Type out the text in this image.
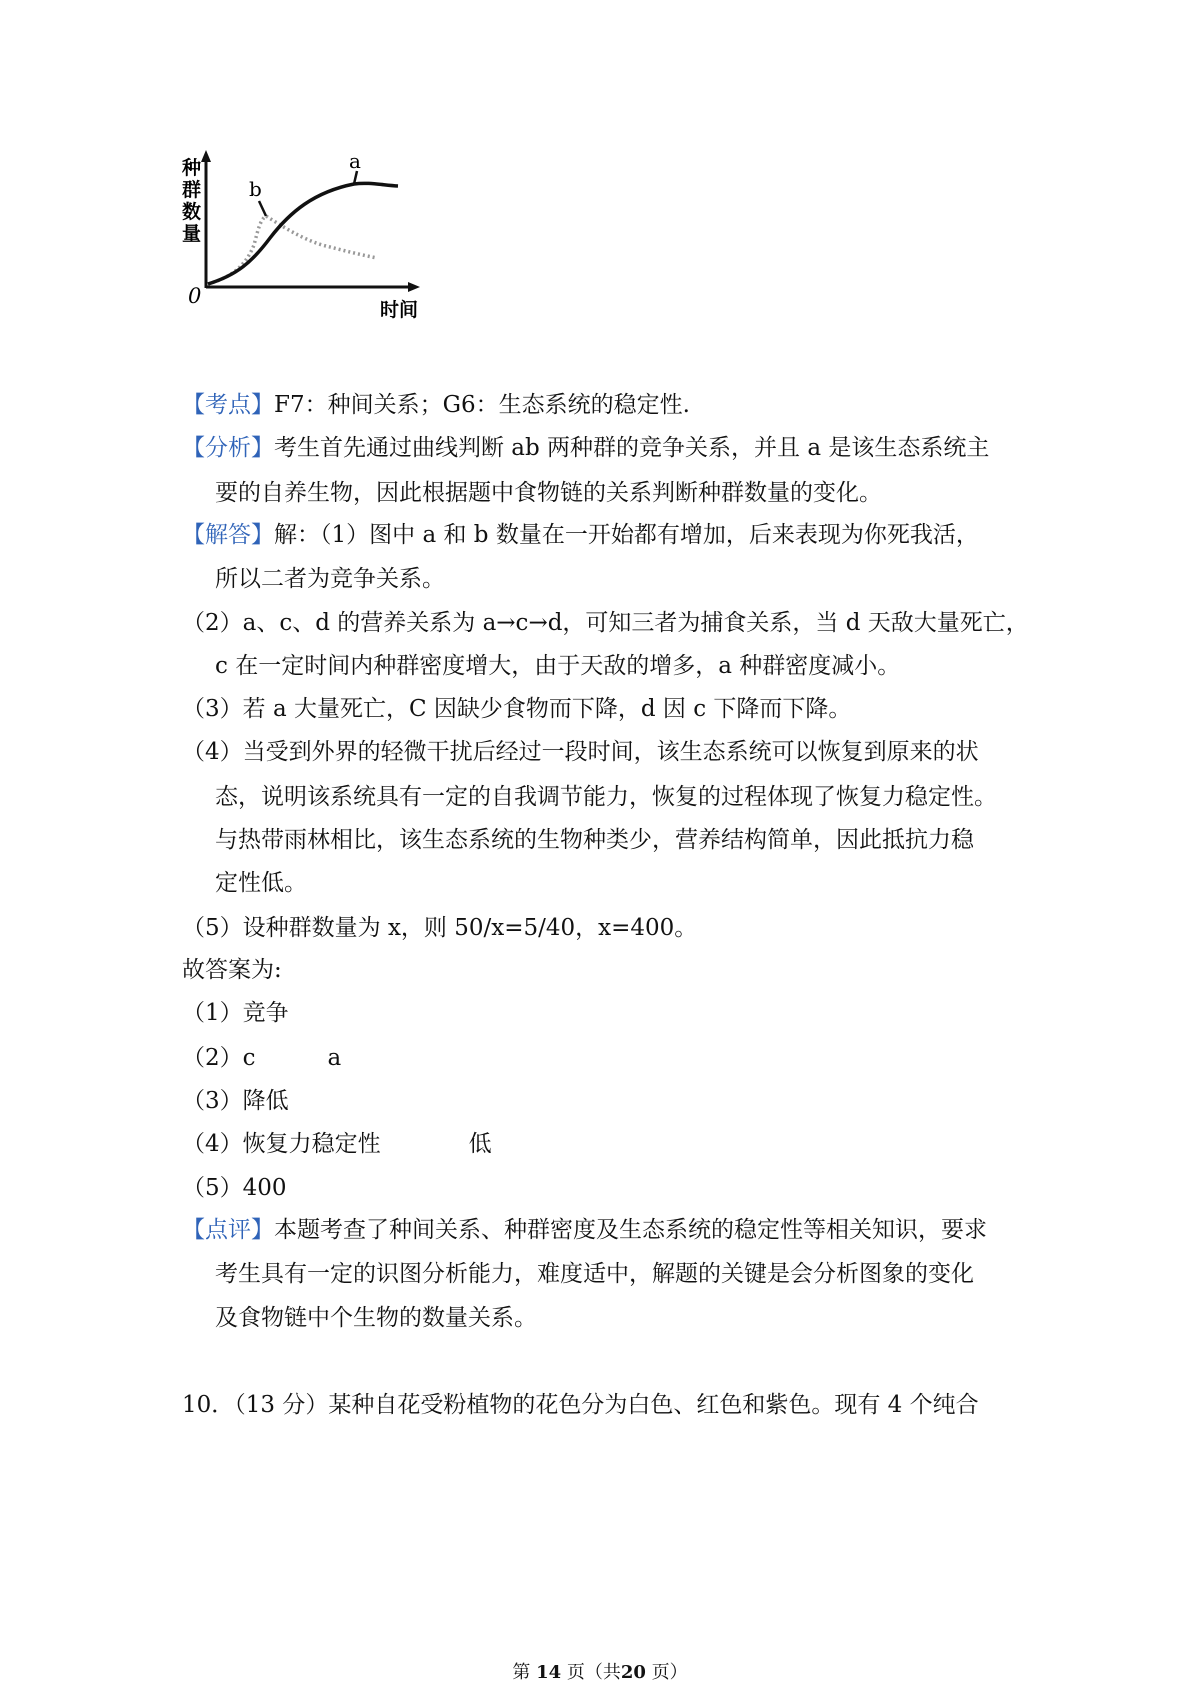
种
群
数
量
0
时间
a
b
【考点】F7：种间关系；G6：生态系统的稳定性.
【分析】考生首先通过曲线判断 ab 两种群的竞争关系，并且 a 是该生态系统主
要的自养生物，因此根据题中食物链的关系判断种群数量的变化。
【解答】解：（1）图中 a 和 b 数量在一开始都有增加，后来表现为你死我活，
所以二者为竞争关系。
（2）a、c、d 的营养关系为 a→c→d，可知三者为捕食关系，当 d 天敌大量死亡，
c 在一定时间内种群密度增大，由于天敌的增多，a 种群密度减小。
（3）若 a 大量死亡，C 因缺少食物而下降，d 因 c 下降而下降。
（4）当受到外界的轻微干扰后经过一段时间，该生态系统可以恢复到原来的状
态，说明该系统具有一定的自我调节能力，恢复的过程体现了恢复力稳定性。
与热带雨林相比，该生态系统的生物种类少，营养结构简单，因此抵抗力稳
定性低。
（5）设种群数量为 x，则 50/x=5/40，x=400。
故答案为:
（1）竞争
（2）c	a
（3）降低
（4）恢复力稳定性	低
（5）400
【点评】本题考查了种间关系、种群密度及生态系统的稳定性等相关知识，要求
考生具有一定的识图分析能力，难度适中，解题的关键是会分析图象的变化
及食物链中个生物的数量关系。
10．（13 分）某种自花受粉植物的花色分为白色、红色和紫色。现有 4 个纯合
第 14 页（共20 页）
